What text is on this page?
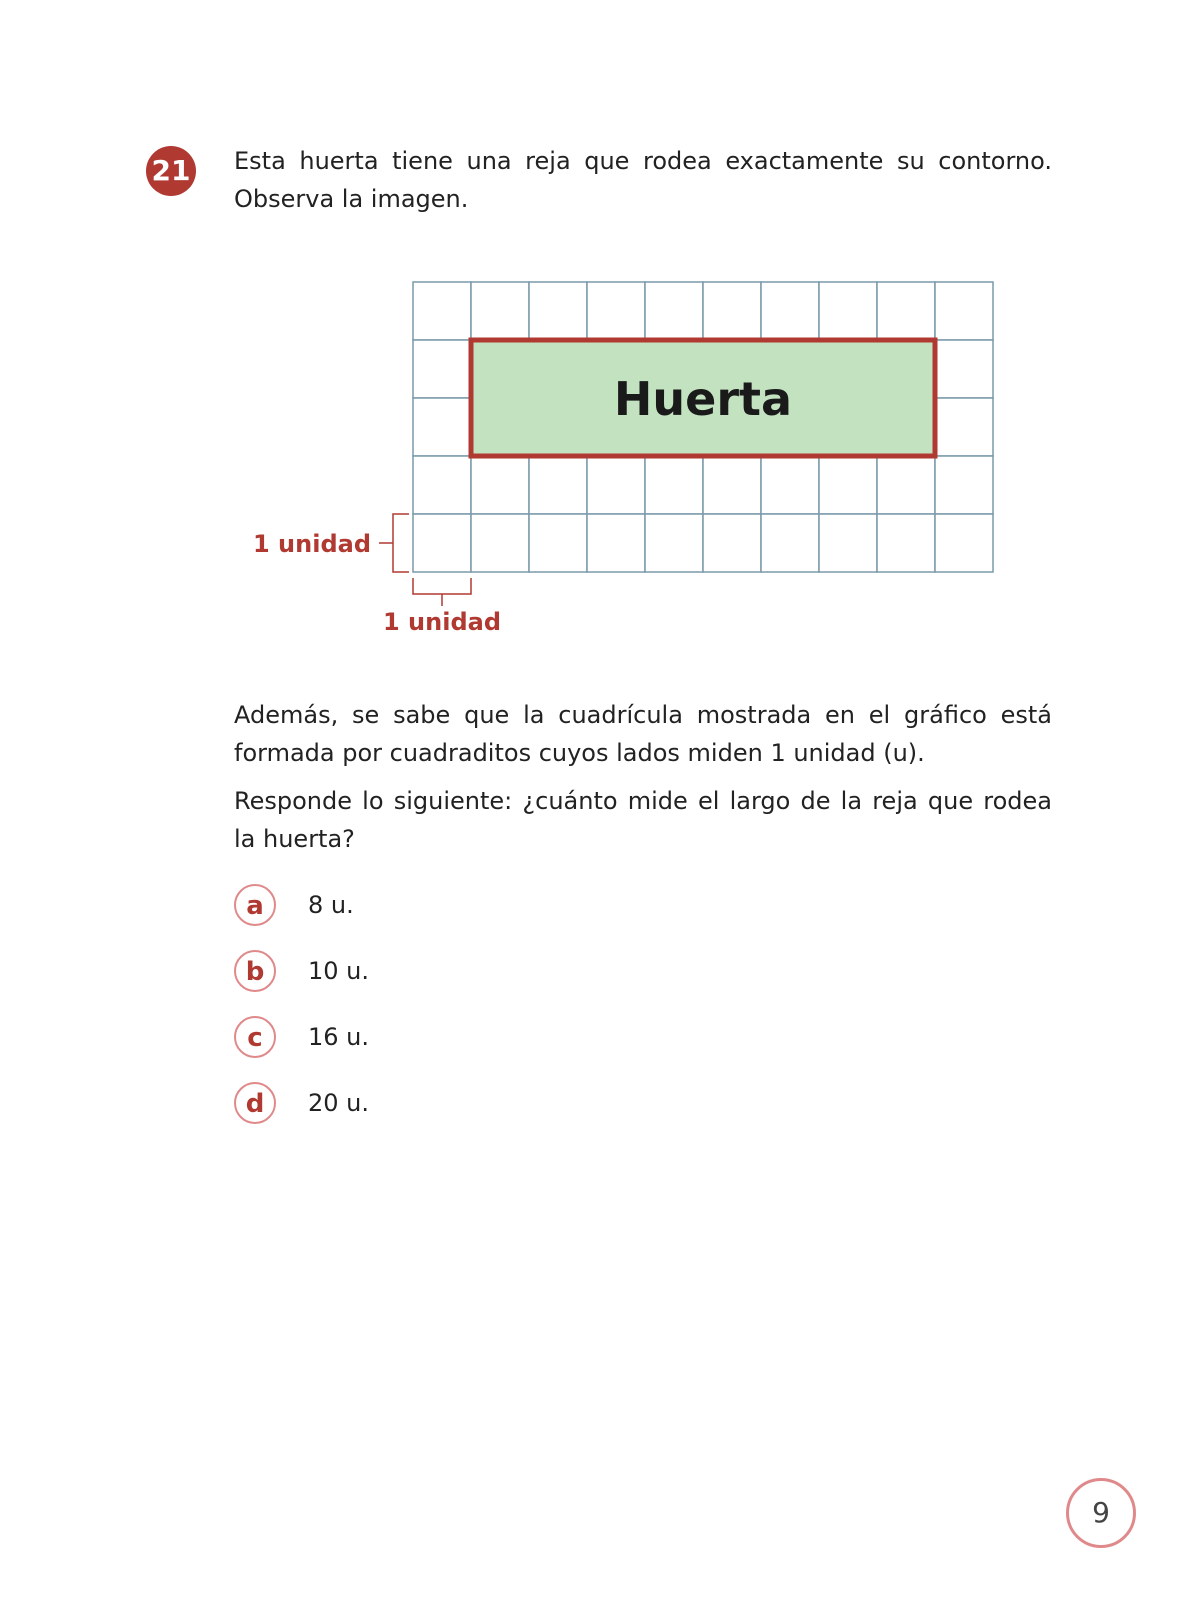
21 Esta huerta tiene una reja que rodea exactamente su contorno. Observa la imagen.

Huerta
1 unidad
1 unidad

Además, se sabe que la cuadrícula mostrada en el gráfico está formada por cuadraditos cuyos lados miden 1 unidad (u).

Responde lo siguiente: ¿cuánto mide el largo de la reja que rodea la huerta?

a	8 u.
b	10 u.
c	16 u.
d	20 u.
9
